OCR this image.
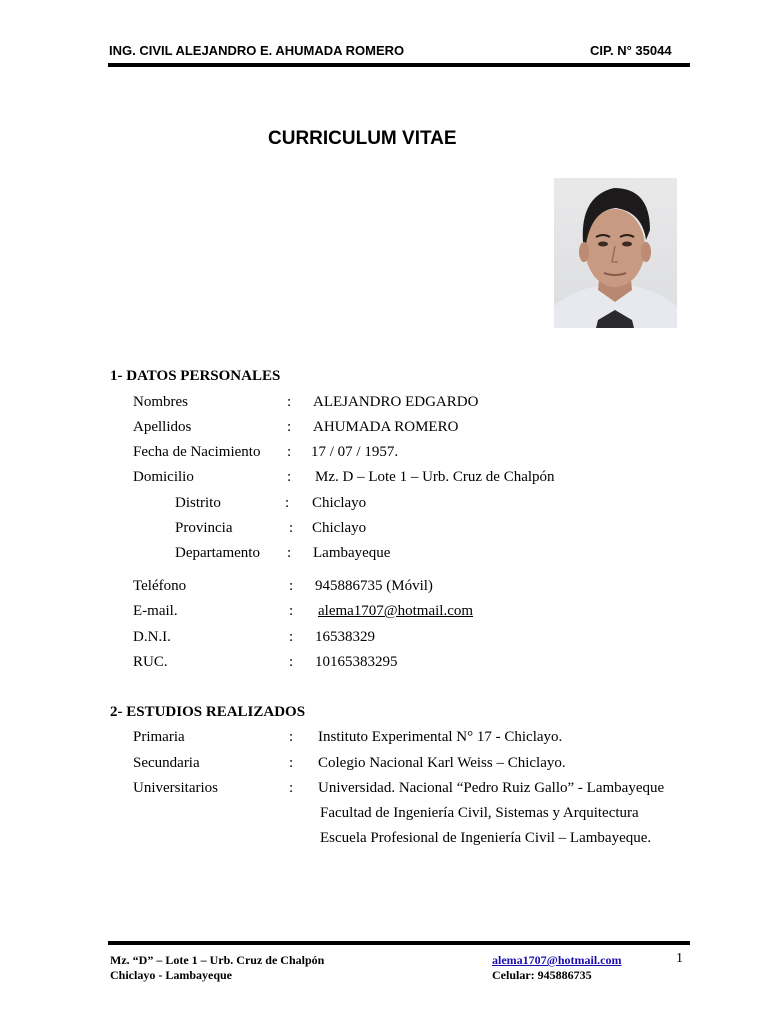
ING. CIVIL ALEJANDRO E. AHUMADA ROMERO	CIP. N° 35044
CURRICULUM VITAE
1- DATOS PERSONALES
Nombres	: ALEJANDRO EDGARDO
Apellidos	: AHUMADA ROMERO
Fecha de Nacimiento : 17 / 07 / 1957.
Domicilio	: Mz. D – Lote 1 – Urb. Cruz de Chalpón
Distrito	: Chiclayo
Provincia	: Chiclayo
Departamento : Lambayeque
Teléfono	: 945886735 (Móvil)
E-mail.	: alema1707@hotmail.com
D.N.I.	: 16538329
RUC.	: 10165383295
2- ESTUDIOS REALIZADOS
Primaria	: Instituto Experimental N° 17 - Chiclayo.
Secundaria	: Colegio Nacional Karl Weiss – Chiclayo.
Universitarios	: Universidad. Nacional “Pedro Ruiz Gallo” - Lambayeque
Facultad de Ingeniería Civil, Sistemas y Arquitectura
Escuela Profesional de Ingeniería Civil – Lambayeque.
Mz. “D” – Lote 1 – Urb. Cruz de Chalpón
Chiclayo - Lambayeque
alema1707@hotmail.com
Celular: 945886735
1
